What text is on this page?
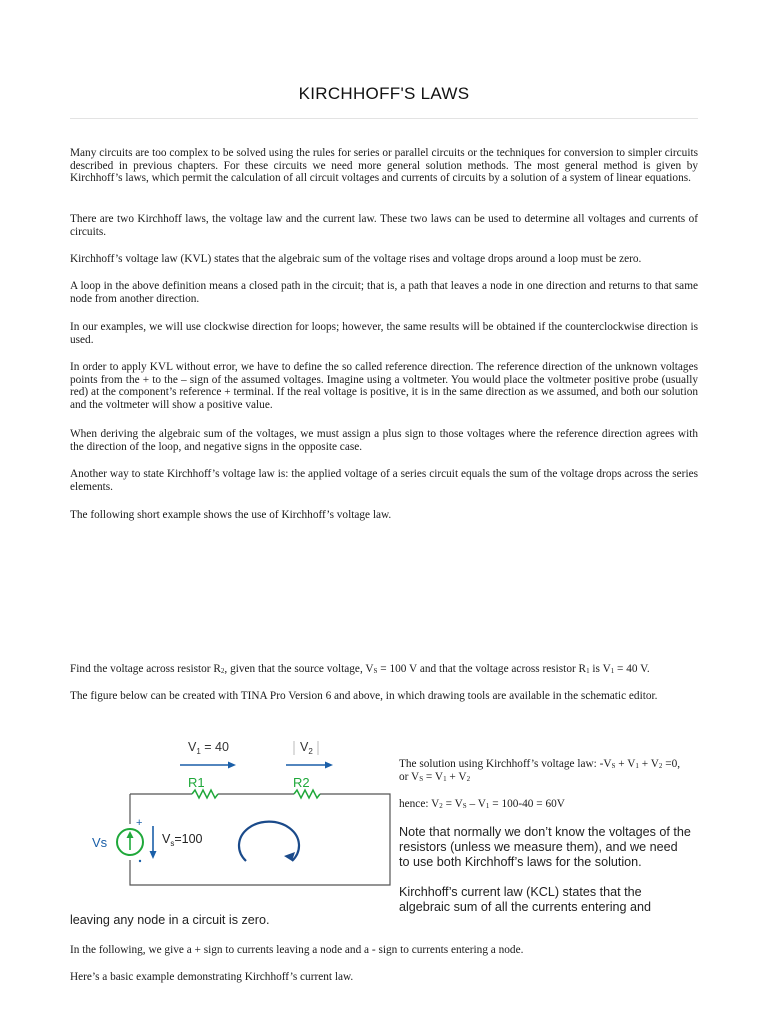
KIRCHHOFF'S LAWS

Many circuits are too complex to be solved using the rules for series or parallel circuits or the techniques for conversion to simpler circuits described in previous chapters. For these circuits we need more general solution methods. The most general method is given by Kirchhoff’s laws, which permit the calculation of all circuit voltages and currents of circuits by a solution of a system of linear equations.

There are two Kirchhoff laws, the voltage law and the current law. These two laws can be used to determine all voltages and currents of circuits.

Kirchhoff’s voltage law (KVL) states that the algebraic sum of the voltage rises and voltage drops around a loop must be zero.

A loop in the above definition means a closed path in the circuit; that is, a path that leaves a node in one direction and returns to that same node from another direction.

In our examples, we will use clockwise direction for loops; however, the same results will be obtained if the counterclockwise direction is used.

In order to apply KVL without error, we have to define the so called reference direction. The reference direction of the unknown voltages points from the + to the – sign of the assumed voltages. Imagine using a voltmeter. You would place the voltmeter positive probe (usually red) at the component’s reference + terminal. If the real voltage is positive, it is in the same direction as we assumed, and both our solution and the voltmeter will show a positive value.

When deriving the algebraic sum of the voltages, we must assign a plus sign to those voltages where the reference direction agrees with the direction of the loop, and negative signs in the opposite case.

Another way to state Kirchhoff’s voltage law is: the applied voltage of a series circuit equals the sum of the voltage drops across the series elements.

The following short example shows the use of Kirchhoff’s voltage law.

Find the voltage across resistor R2, given that the source voltage, VS = 100 V and that the voltage across resistor R1 is V1 = 40 V.

The figure below can be created with TINA Pro Version 6 and above, in which drawing tools are available in the schematic editor.

$V_1 = 40$	$V_2$
R1	R2
+
Vs	$V_s=100$

The solution using Kirchhoff’s voltage law: -VS + V1 + V2 =0,

or VS = V1 + V2

hence: V2 = VS – V1 = 100-40 = 60V

Note that normally we don’t know the voltages of the resistors (unless we measure them), and we need to use both Kirchhoff’s laws for the solution.

Kirchhoff’s current law (KCL) states that the algebraic sum of all the currents entering and

leaving any node in a circuit is zero.

In the following, we give a + sign to currents leaving a node and a - sign to currents entering a node.

Here’s a basic example demonstrating Kirchhoff’s current law.
